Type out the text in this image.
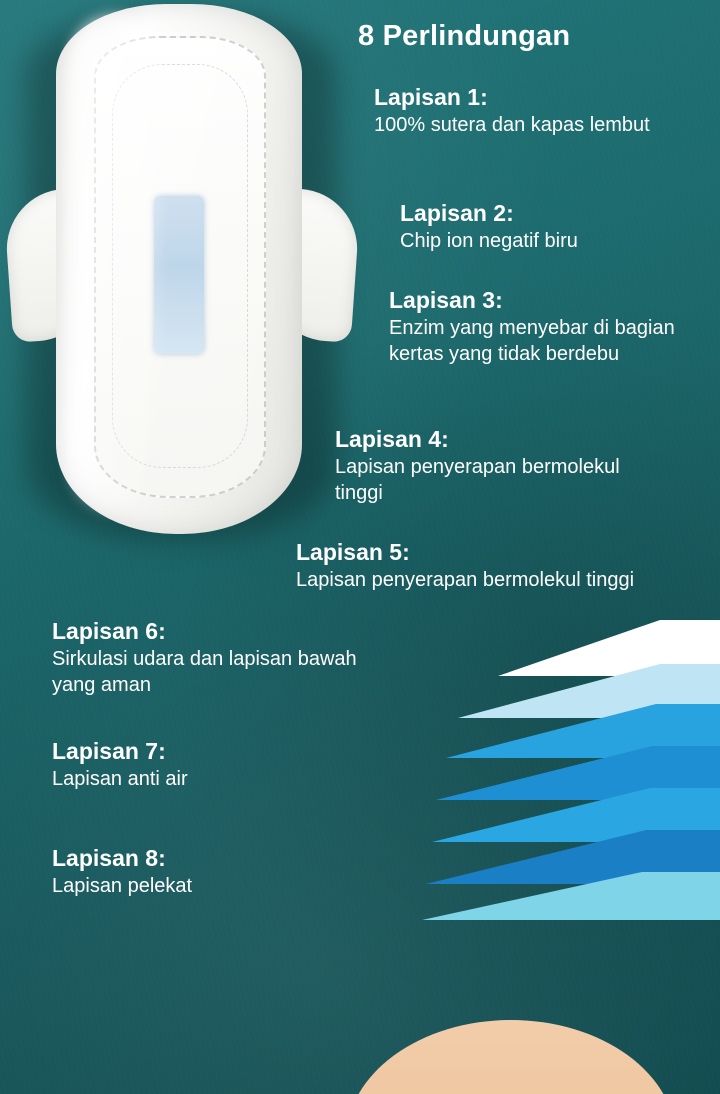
8 Perlindungan
Lapisan 1:
100% sutera dan kapas lembut
Lapisan 2:
Chip ion negatif biru
Lapisan 3:
Enzim yang menyebar di bagian kertas yang tidak berdebu
Lapisan 4:
Lapisan penyerapan bermolekul tinggi
Lapisan 5:
Lapisan penyerapan bermolekul tinggi
Lapisan 6:
Sirkulasi udara dan lapisan bawah yang aman
Lapisan 7:
Lapisan anti air
Lapisan 8:
Lapisan pelekat
